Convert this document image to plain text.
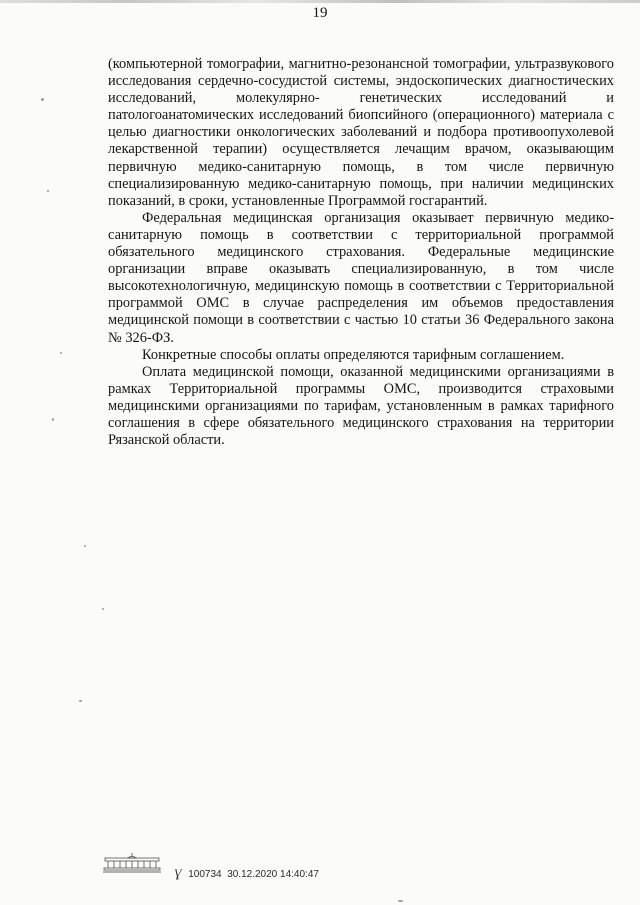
19

(компьютерной томографии, магнитно-резонансной томографии, ультразвукового исследования сердечно-сосудистой системы, эндоскопических диагностических исследований, молекулярно- генетических исследований и патологоанатомических исследований биопсийного (операционного) материала с целью диагностики онкологических заболеваний и подбора противоопухолевой лекарственной терапии) осуществляется лечащим врачом, оказывающим первичную медико-санитарную помощь, в том числе первичную специализированную медико-санитарную помощь, при наличии медицинских показаний, в сроки, установленные Программой госгарантий.

Федеральная медицинская организация оказывает первичную медико-санитарную помощь в соответствии с территориальной программой обязательного медицинского страхования. Федеральные медицинские организации вправе оказывать специализированную, в том числе высокотехнологичную, медицинскую помощь в соответствии с Территориальной программой ОМС в случае распределения им объемов предоставления медицинской помощи в соответствии с частью 10 статьи 36 Федерального закона № 326-ФЗ.

Конкретные способы оплаты определяются тарифным соглашением.

Оплата медицинской помощи, оказанной медицинскими организациями в рамках Территориальной программы ОМС, производится страховыми медицинскими организациями по тарифам, установленным в рамках тарифного соглашения в сфере обязательного медицинского страхования на территории Рязанской области.

Ɣ 100734 30.12.2020 14:40:47
